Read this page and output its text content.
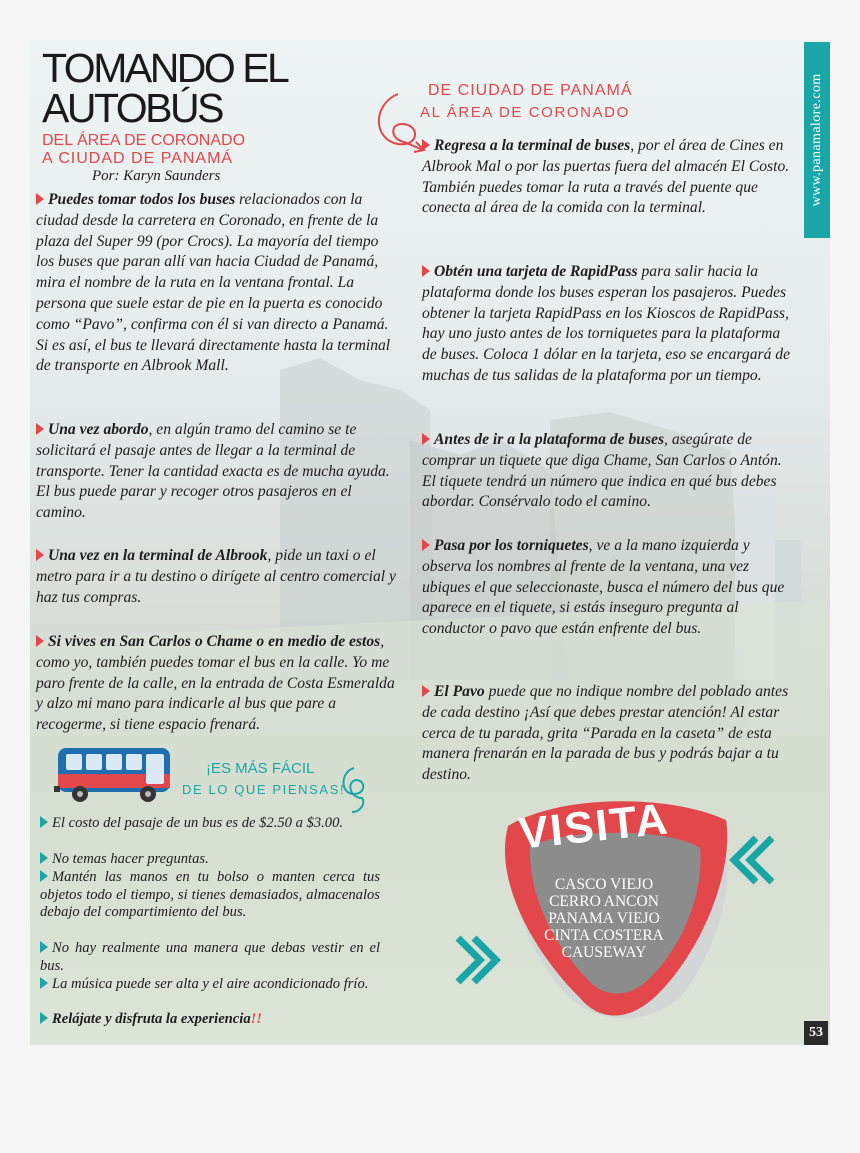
TOMANDO EL
AUTOBÚS

DEL ÁREA DE CORONADO

A CIUDAD DE PANAMÁ

Por: Karyn Saunders

DE CIUDAD DE PANAMÁ

AL ÁREA DE CORONADO	www.panamalore.com

Puedes tomar todos los buses relacionados con la ciudad desde la carretera en Coronado, en frente de la plaza del Super 99 (por Crocs). La mayoría del tiempo los buses que paran allí van hacia Ciudad de Panamá, mira el nombre de la ruta en la ventana frontal. La persona que suele estar de pie en la puerta es conocido como “Pavo”, confirma con él si van directo a Panamá. Si es así, el bus te llevará directamente hasta la terminal de transporte en Albrook Mall.

Una vez abordo, en algún tramo del camino se te solicitará el pasaje antes de llegar a la terminal de transporte. Tener la cantidad exacta es de mucha ayuda. El bus puede parar y recoger otros pasajeros en el camino.

Una vez en la terminal de Albrook, pide un taxi o el metro para ir a tu destino o dirígete al centro comercial y haz tus compras.

Si vives en San Carlos o Chame o en medio de estos, como yo, también puedes tomar el bus en la calle. Yo me paro frente de la calle, en la entrada de Costa Esmeralda y alzo mi mano para indicarle al bus que pare a recogerme, si tiene espacio frenará.

Regresa a la terminal de buses, por el área de Cines en Albrook Mal o por las puertas fuera del almacén El Costo. También puedes tomar la ruta a través del puente que conecta al área de la comida con la terminal.

Obtén una tarjeta de RapidPass para salir hacia la plataforma donde los buses esperan los pasajeros. Puedes obtener la tarjeta RapidPass en los Kioscos de RapidPass, hay uno justo antes de los torniquetes para la plataforma de buses. Coloca 1 dólar en la tarjeta, eso se encargará de muchas de tus salidas de la plataforma por un tiempo.

Antes de ir a la plataforma de buses, asegúrate de comprar un tiquete que diga Chame, San Carlos o Antón. El tiquete tendrá un número que indica en qué bus debes abordar. Consérvalo todo el camino.

Pasa por los torniquetes, ve a la mano izquierda y observa los nombres al frente de la ventana, una vez ubiques el que seleccionaste, busca el número del bus que aparece en el tiquete, si estás inseguro pregunta al conductor o pavo que están enfrente del bus.

El Pavo puede que no indique nombre del poblado antes de cada destino ¡Así que debes prestar atención! Al estar cerca de tu parada, grita “Parada en la caseta” de esta manera frenarán en la parada de bus y podrás bajar a tu destino.

¡ES MÁS FÁCIL
DE LO QUE PIENSAS!

El costo del pasaje de un bus es de $2.50 a $3.00.

No temas hacer preguntas.

Mantén las manos en tu bolso o manten cerca tus objetos todo el tiempo, si tienes demasiados, almacenalos debajo del compartimiento del bus.

No hay realmente una manera que debas vestir en el bus.

La música puede ser alta y el aire acondicionado frío.

Relájate y disfruta la experiencia!!

VISITA
CASCO VIEJO
CERRO ANCON
PANAMA VIEJO
CINTA COSTERA
CAUSEWAY
53
